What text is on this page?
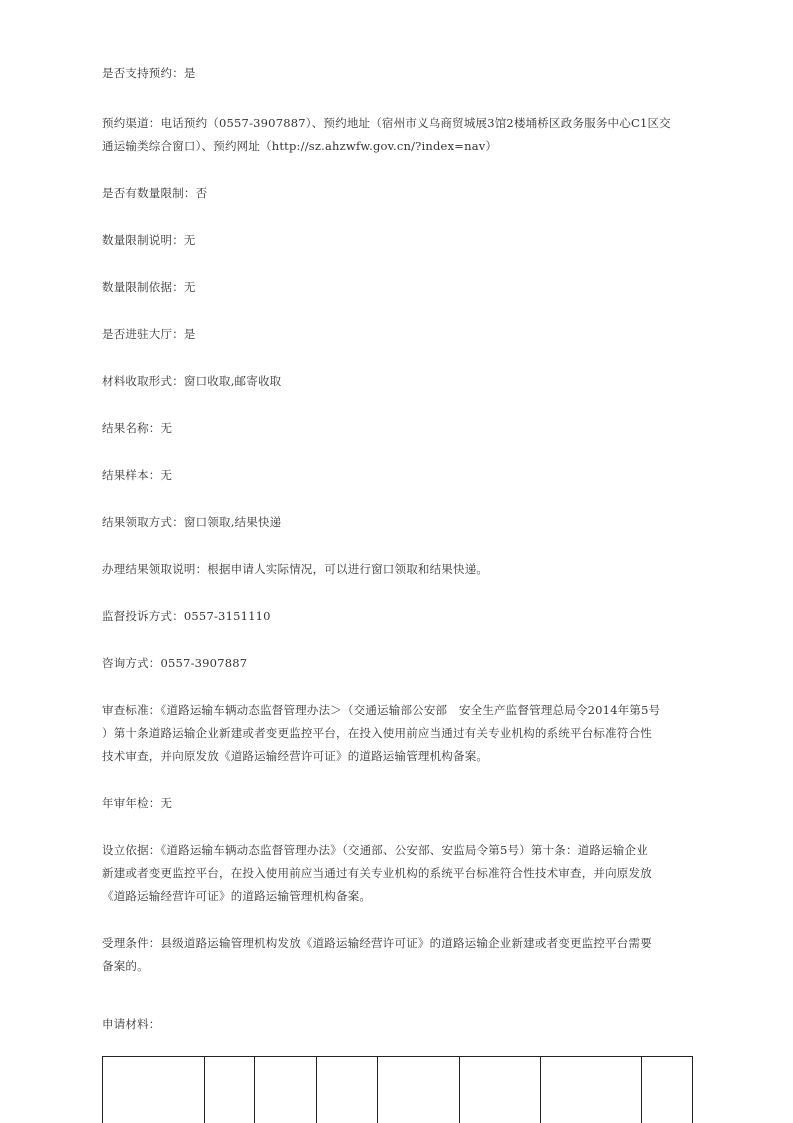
是否支持预约：是
预约渠道：电话预约（0557-3907887）、预约地址（宿州市义乌商贸城展3馆2楼埇桥区政务服务中心C1区交
通运输类综合窗口）、预约网址（http://sz.ahzwfw.gov.cn/?index=nav）
是否有数量限制：否
数量限制说明：无
数量限制依据：无
是否进驻大厅：是
材料收取形式：窗口收取,邮寄收取
结果名称：无
结果样本：无
结果领取方式：窗口领取,结果快递
办理结果领取说明：根据申请人实际情况，可以进行窗口领取和结果快递。
监督投诉方式：0557-3151110
咨询方式：0557-3907887
审查标准：《道路运输车辆动态监督管理办法＞（交通运输部公安部　安全生产监督管理总局令2014年第5号
）第十条道路运输企业新建或者变更监控平台，在投入使用前应当通过有关专业机构的系统平台标准符合性
技术审查，并向原发放《道路运输经营许可证》的道路运输管理机构备案。
年审年检：无
设立依据：《道路运输车辆动态监督管理办法》（交通部、公安部、安监局令第5号）第十条：道路运输企业
新建或者变更监控平台，在投入使用前应当通过有关专业机构的系统平台标准符合性技术审查，并向原发放
《道路运输经营许可证》的道路运输管理机构备案。
受理条件：县级道路运输管理机构发放《道路运输经营许可证》的道路运输企业新建或者变更监控平台需要
备案的。
申请材料：
